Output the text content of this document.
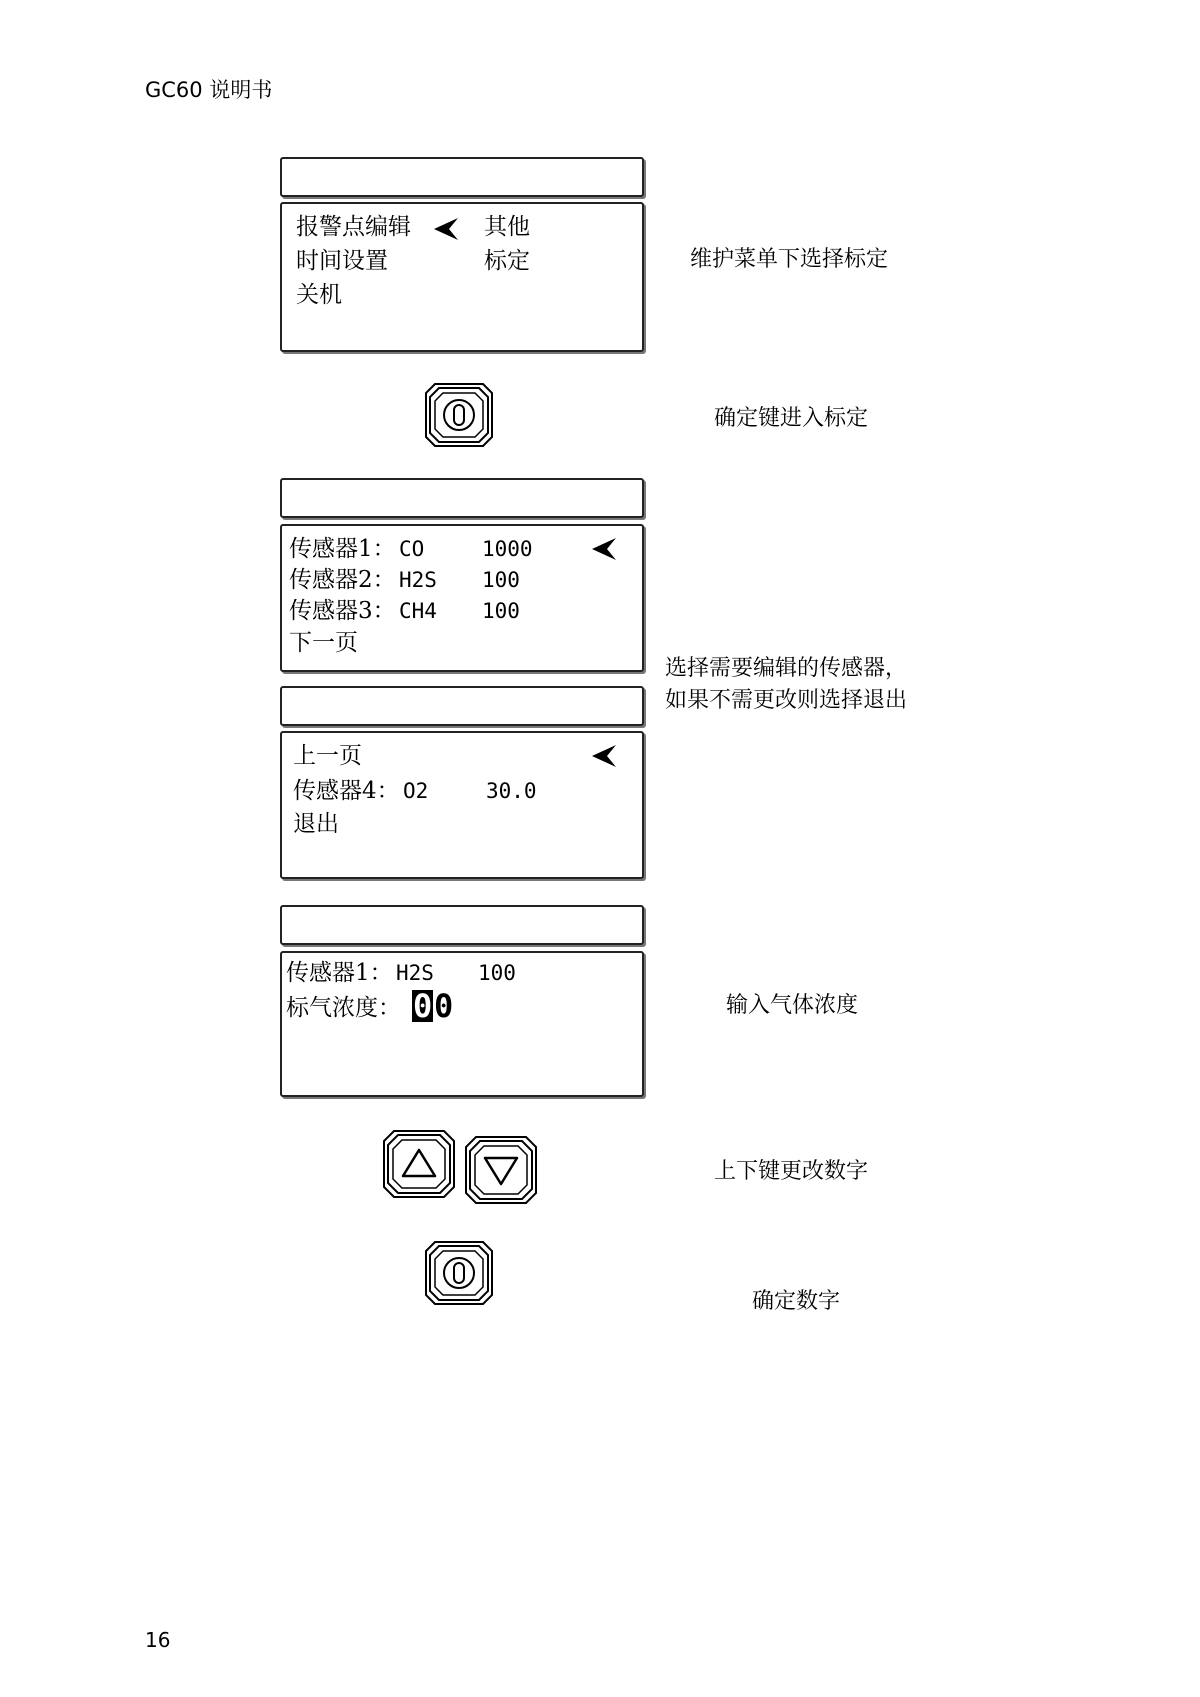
GC60 说明书
报警点编辑
时间设置
关机
其他
标定	维护菜单下选择标定
确定键进入标定
传感器1： CO	1000
传感器2： H2S 100
传感器3： CH4 100
下一页
选择需要编辑的传感器，
如果不需更改则选择退出
上一页
传感器4： O2	30.0
退出
传感器1： H2S 100
标气浓度： 0 0	输入气体浓度
上下键更改数字
确定数字
16
